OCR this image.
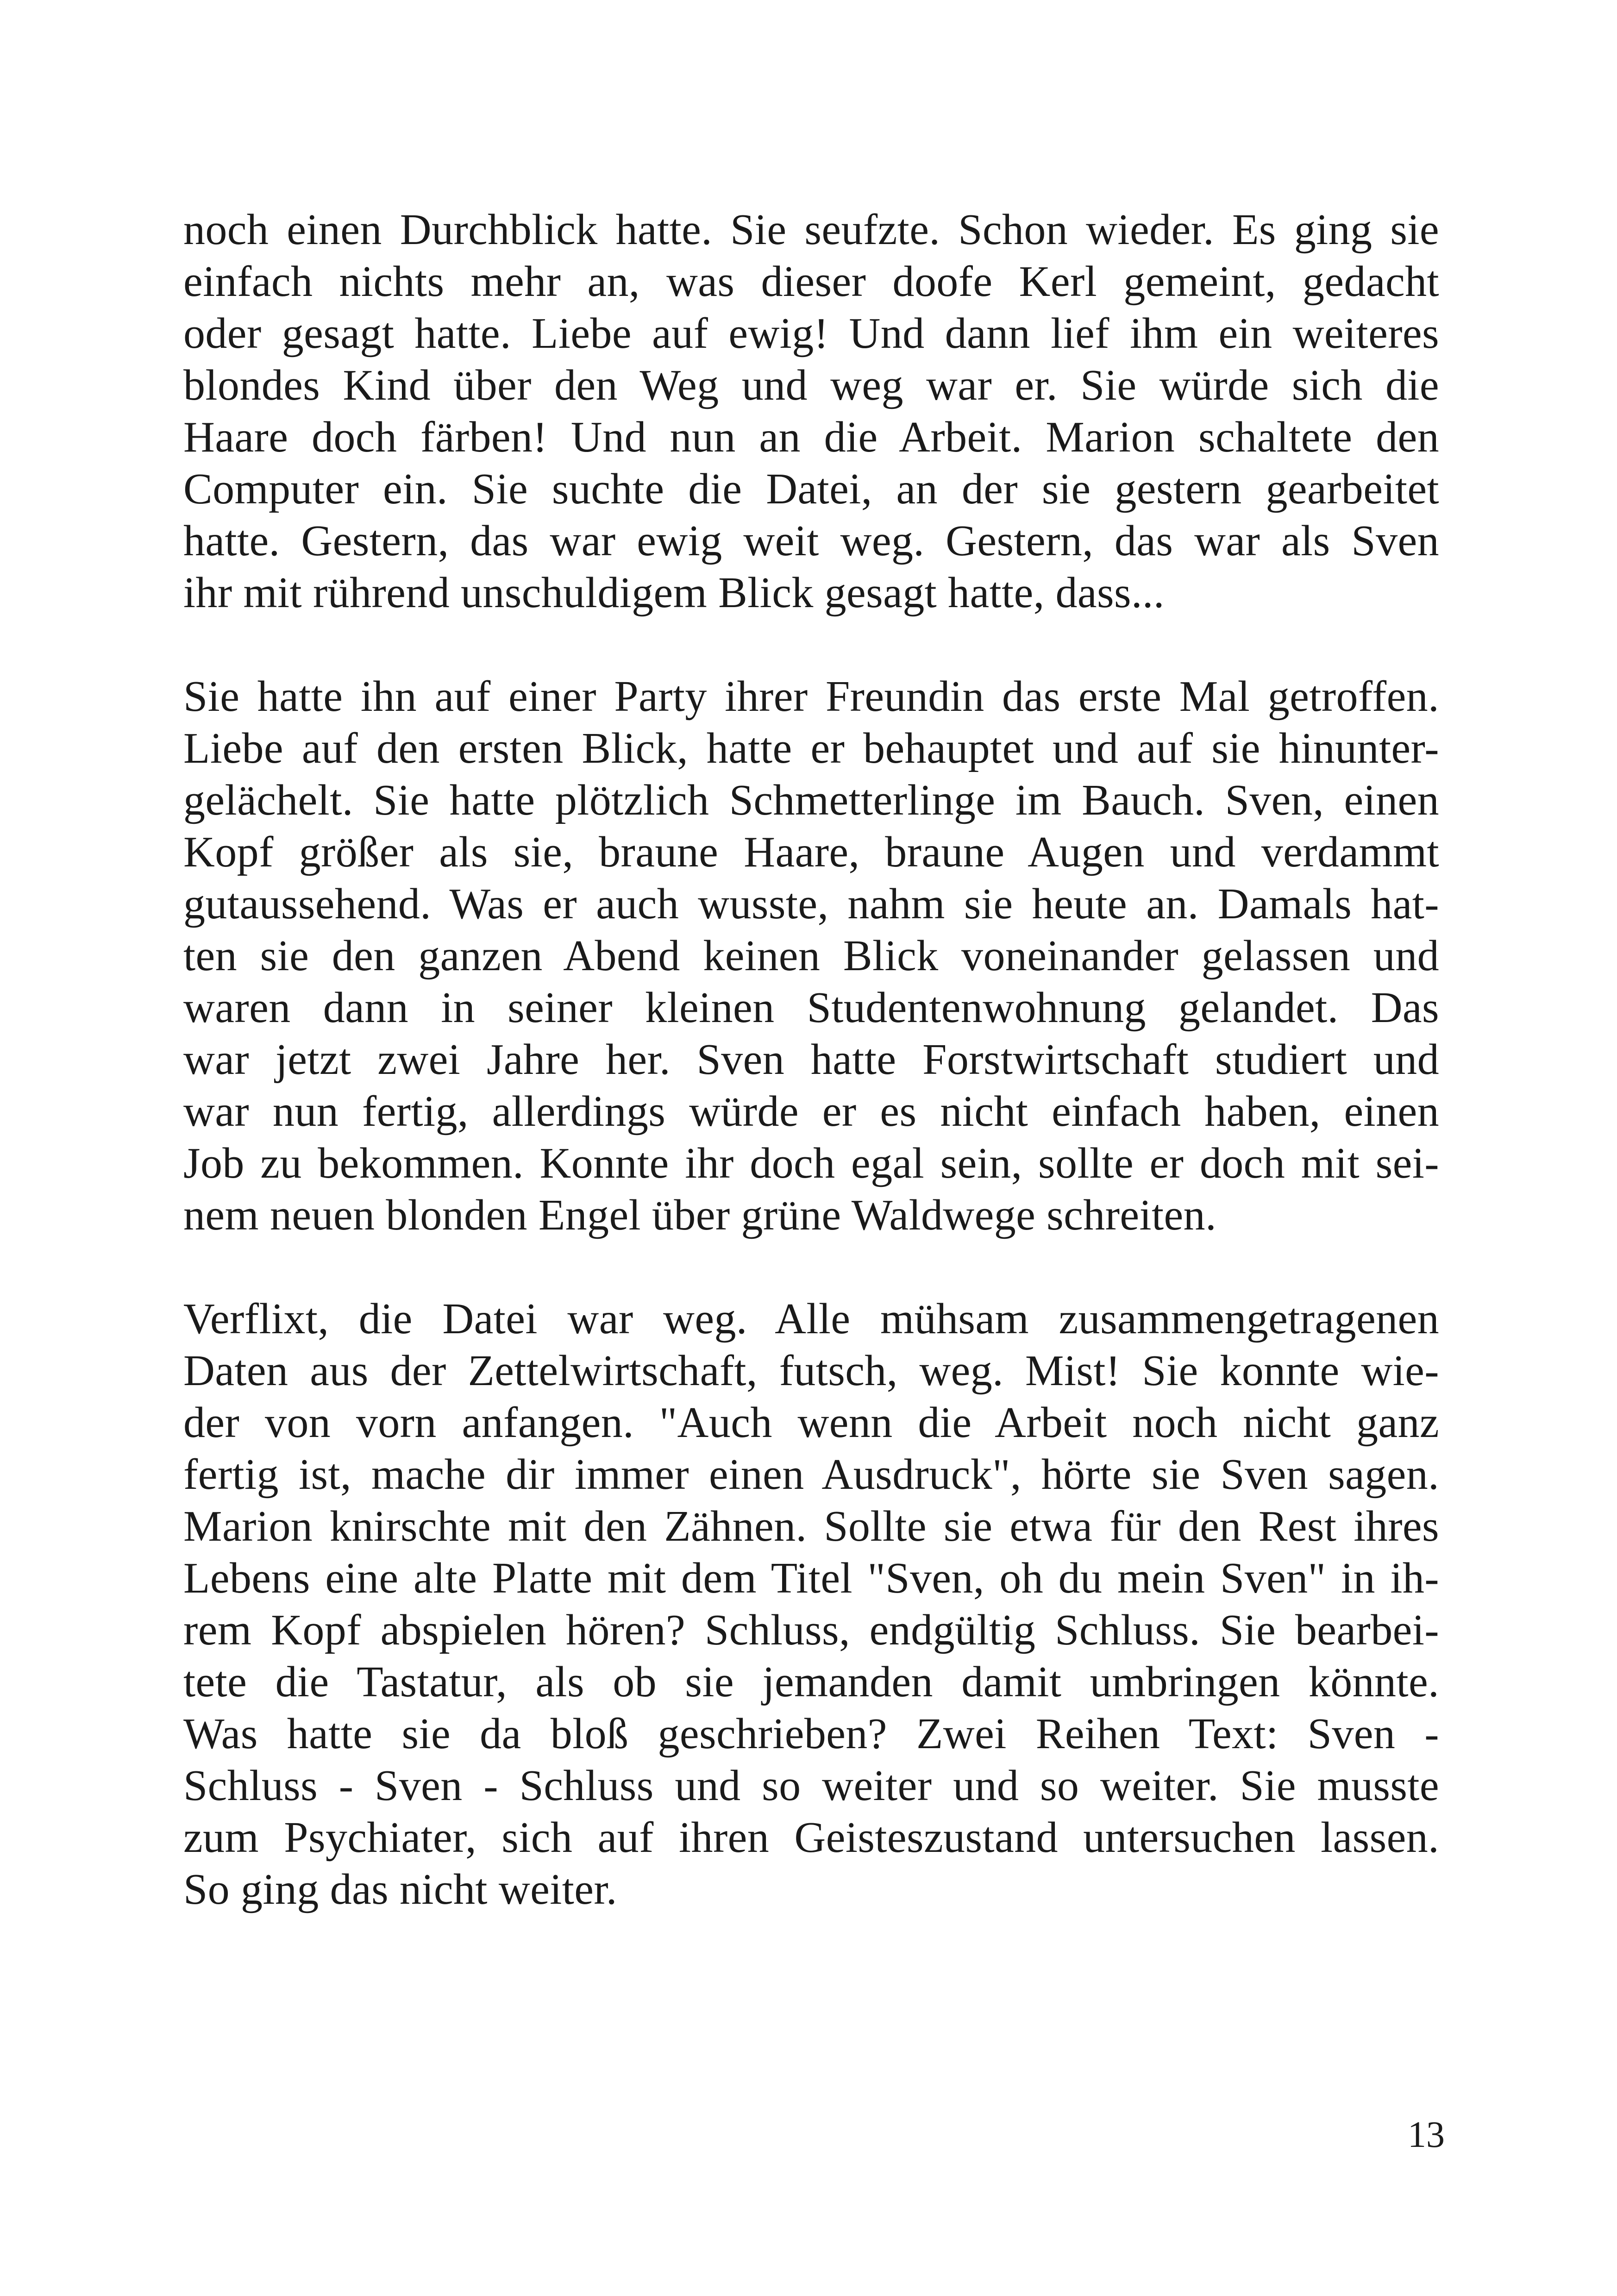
noch einen Durchblick hatte. Sie seufzte. Schon wieder. Es ging sie
einfach nichts mehr an, was dieser doofe Kerl gemeint, gedacht
oder gesagt hatte. Liebe auf ewig! Und dann lief ihm ein weiteres
blondes Kind über den Weg und weg war er. Sie würde sich die
Haare doch färben! Und nun an die Arbeit. Marion schaltete den
Computer ein. Sie suchte die Datei, an der sie gestern gearbeitet
hatte. Gestern, das war ewig weit weg. Gestern, das war als Sven
ihr mit rührend unschuldigem Blick gesagt hatte, dass...
Sie hatte ihn auf einer Party ihrer Freundin das erste Mal getroffen.
Liebe auf den ersten Blick, hatte er behauptet und auf sie hinunter-
gelächelt. Sie hatte plötzlich Schmetterlinge im Bauch. Sven, einen
Kopf größer als sie, braune Haare, braune Augen und verdammt
gutaussehend. Was er auch wusste, nahm sie heute an. Damals hat-
ten sie den ganzen Abend keinen Blick voneinander gelassen und
waren dann in seiner kleinen Studentenwohnung gelandet. Das
war jetzt zwei Jahre her. Sven hatte Forstwirtschaft studiert und
war nun fertig, allerdings würde er es nicht einfach haben, einen
Job zu bekommen. Konnte ihr doch egal sein, sollte er doch mit sei-
nem neuen blonden Engel über grüne Waldwege schreiten.
Verflixt, die Datei war weg. Alle mühsam zusammengetragenen
Daten aus der Zettelwirtschaft, futsch, weg. Mist! Sie konnte wie-
der von vorn anfangen. "Auch wenn die Arbeit noch nicht ganz
fertig ist, mache dir immer einen Ausdruck", hörte sie Sven sagen.
Marion knirschte mit den Zähnen. Sollte sie etwa für den Rest ihres
Lebens eine alte Platte mit dem Titel "Sven, oh du mein Sven" in ih-
rem Kopf abspielen hören? Schluss, endgültig Schluss. Sie bearbei-
tete die Tastatur, als ob sie jemanden damit umbringen könnte.
Was hatte sie da bloß geschrieben? Zwei Reihen Text: Sven -
Schluss - Sven - Schluss und so weiter und so weiter. Sie musste
zum Psychiater, sich auf ihren Geisteszustand untersuchen lassen.
So ging das nicht weiter.
13
